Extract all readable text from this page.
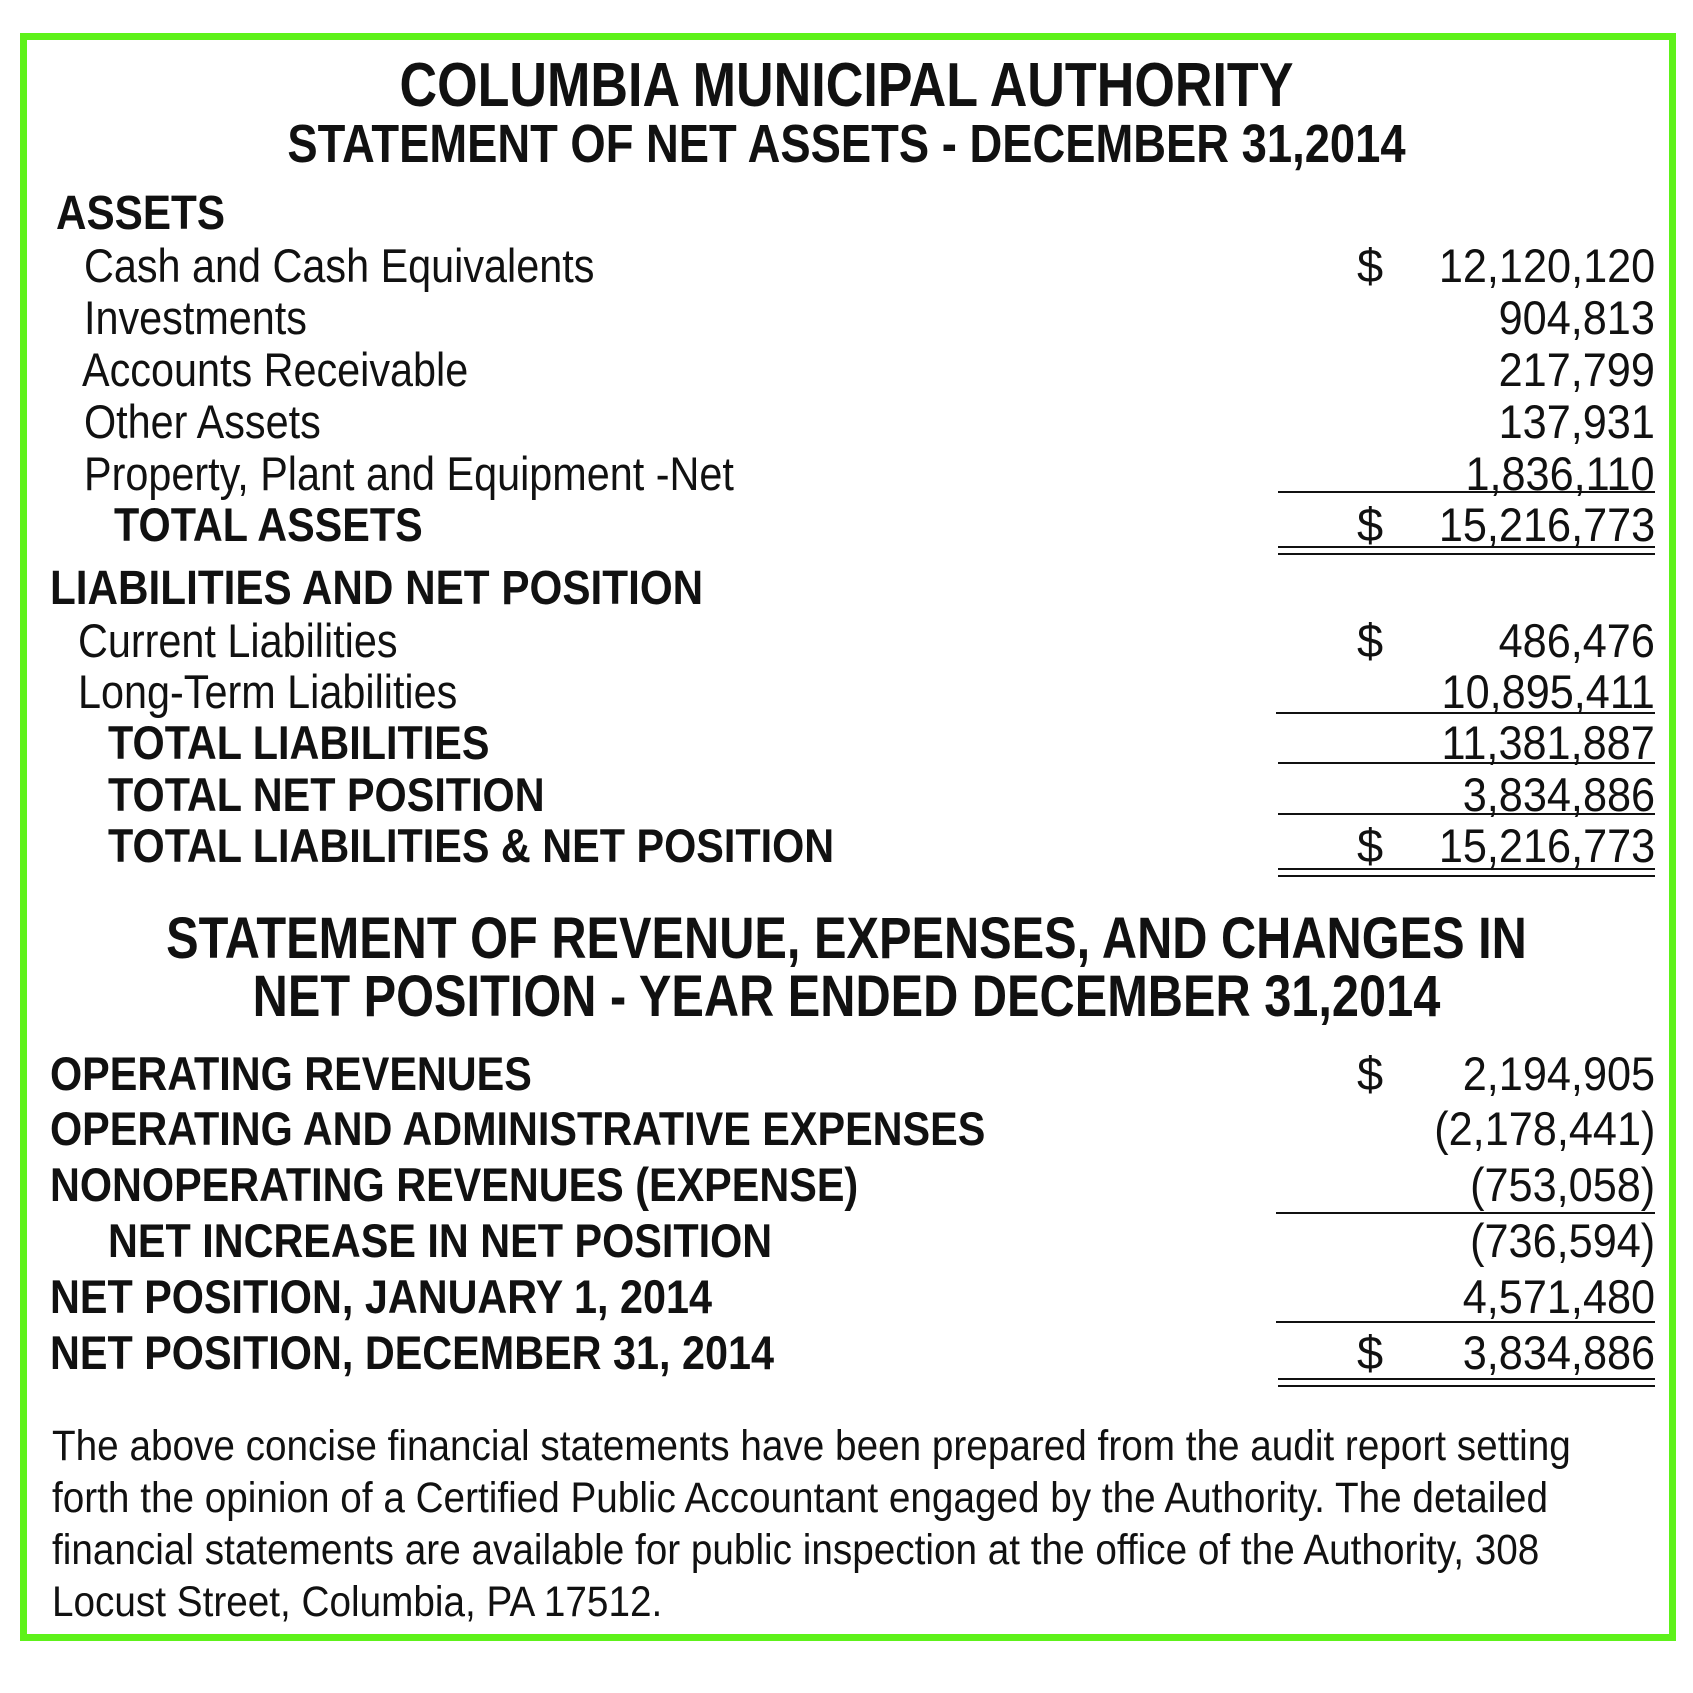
COLUMBIA MUNICIPAL AUTHORITY
STATEMENT OF NET ASSETS - DECEMBER 31,2014
ASSETS
Cash and Cash Equivalents	$ 12,120,120
Investments	904,813
Accounts Receivable	217,799
Other Assets	137,931
Property, Plant and Equipment -Net	1,836,110
TOTAL ASSETS	$ 15,216,773
LIABILITIES AND NET POSITION
Current Liabilities	$ 486,476
Long-Term Liabilities	10,895,411
TOTAL LIABILITIES	11,381,887
TOTAL NET POSITION	3,834,886
TOTAL LIABILITIES & NET POSITION	$ 15,216,773
STATEMENT OF REVENUE, EXPENSES, AND CHANGES IN
NET POSITION - YEAR ENDED DECEMBER 31,2014
OPERATING REVENUES	$ 2,194,905
OPERATING AND ADMINISTRATIVE EXPENSES	(2,178,441)
NONOPERATING REVENUES (EXPENSE)	(753,058)
NET INCREASE IN NET POSITION	(736,594)
NET POSITION, JANUARY 1, 2014	4,571,480
NET POSITION, DECEMBER 31, 2014	$ 3,834,886
The above concise financial statements have been prepared from the audit report setting
forth the opinion of a Certified Public Accountant engaged by the Authority. The detailed
financial statements are available for public inspection at the office of the Authority, 308
Locust Street, Columbia, PA 17512.
